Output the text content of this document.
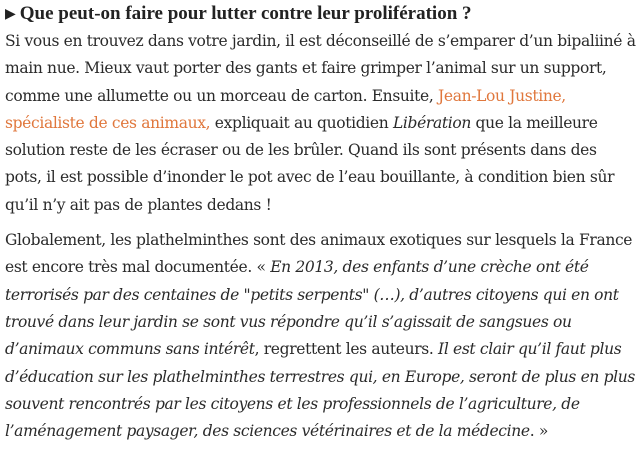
▶ Que peut-on faire pour lutter contre leur prolifération ?

Si vous en trouvez dans votre jardin, il est déconseillé de s’emparer d’un bipaliiné à main nue. Mieux vaut porter des gants et faire grimper l’animal sur un support, comme une allumette ou un morceau de carton. Ensuite, Jean-Lou Justine, spécialiste de ces animaux, expliquait au quotidien Libération que la meilleure solution reste de les écraser ou de les brûler. Quand ils sont présents dans des pots, il est possible d’inonder le pot avec de l’eau bouillante, à condition bien sûr qu’il n’y ait pas de plantes dedans !

Globalement, les plathelminthes sont des animaux exotiques sur lesquels la France est encore très mal documentée. « En 2013, des enfants d’une crèche ont été terrorisés par des centaines de "petits serpents" (…), d’autres citoyens qui en ont trouvé dans leur jardin se sont vus répondre qu’il s’agissait de sangsues ou d’animaux communs sans intérêt, regrettent les auteurs. Il est clair qu’il faut plus d’éducation sur les plathelminthes terrestres qui, en Europe, seront de plus en plus souvent rencontrés par les citoyens et les professionnels de l’agriculture, de l’aménagement paysager, des sciences vétérinaires et de la médecine. »
